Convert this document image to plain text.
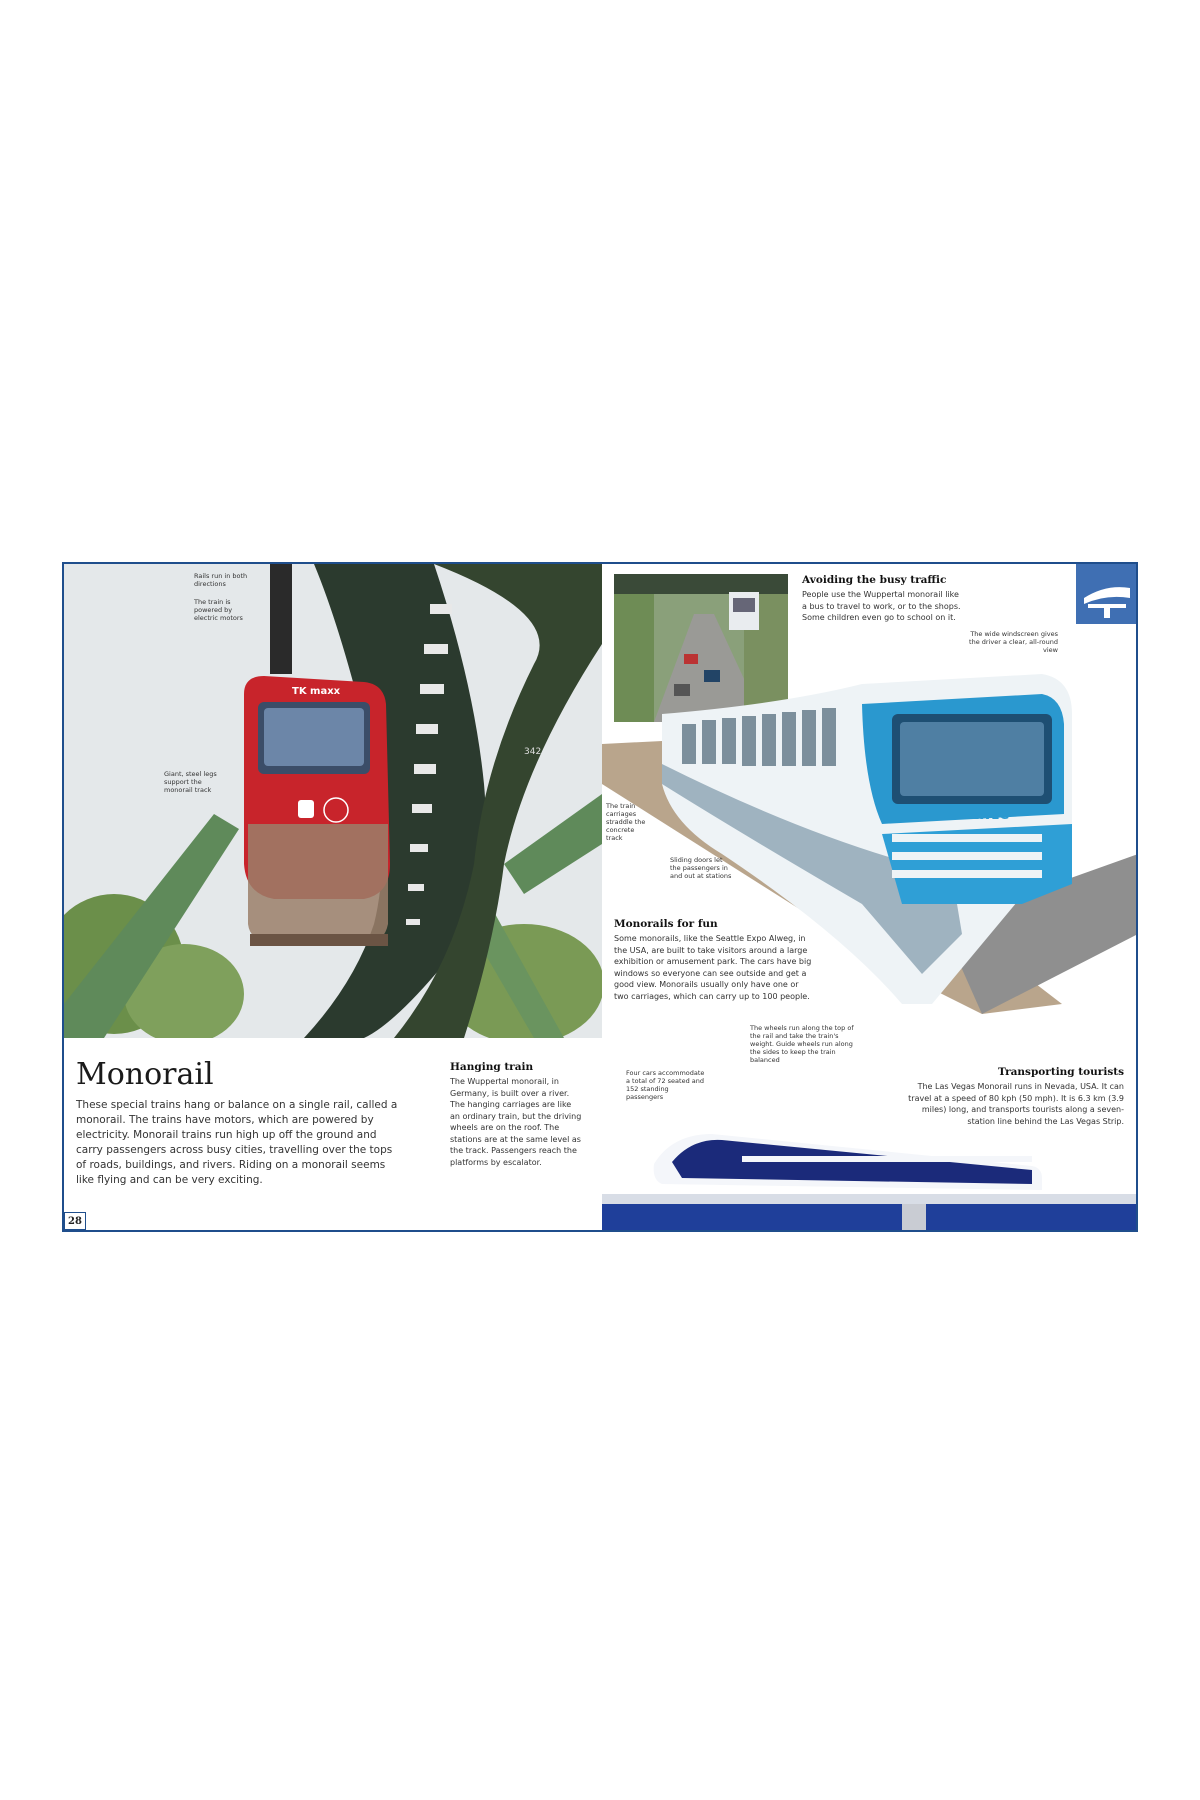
TK maxx
342
Rails run in both directions
The train is powered by electric motors
Giant, steel legs support the monorail track
Monorail

These special trains hang or balance on a single rail, called a monorail. The trains have motors, which are powered by electricity. Monorail trains run high up off the ground and carry passengers across busy cities, travelling over the tops of roads, buildings, and rivers. Riding on a monorail seems like flying and can be very exciting.

Hanging train

The Wuppertal monorail, in Germany, is built over a river. The hanging carriages are like an ordinary train, but the driving wheels are on the roof. The stations are at the same level as the track. Passengers reach the platforms by escalator.

28

Avoiding the busy traffic

People use the Wuppertal monorail like a bus to travel to work, or to the shops. Some children even go to school on it.

ALWEG
The wide windscreen gives the driver a clear, all-round view
The train carriages straddle the concrete track
Sliding doors let the passengers in and out at stations
The wheels run along the top of the rail and take the train's weight. Guide wheels run along the sides to keep the train balanced
Four cars accommodate a total of 72 seated and 152 standing passengers

Monorails for fun

Some monorails, like the Seattle Expo Alweg, in the USA, are built to take visitors around a large exhibition or amusement park. The cars have big windows so everyone can see outside and get a good view. Monorails usually only have one or two carriages, which can carry up to 100 people.

Transporting tourists

The Las Vegas Monorail runs in Nevada, USA. It can travel at a speed of 80 kph (50 mph). It is 6.3 km (3.9 miles) long, and transports tourists along a seven-station line behind the Las Vegas Strip.
